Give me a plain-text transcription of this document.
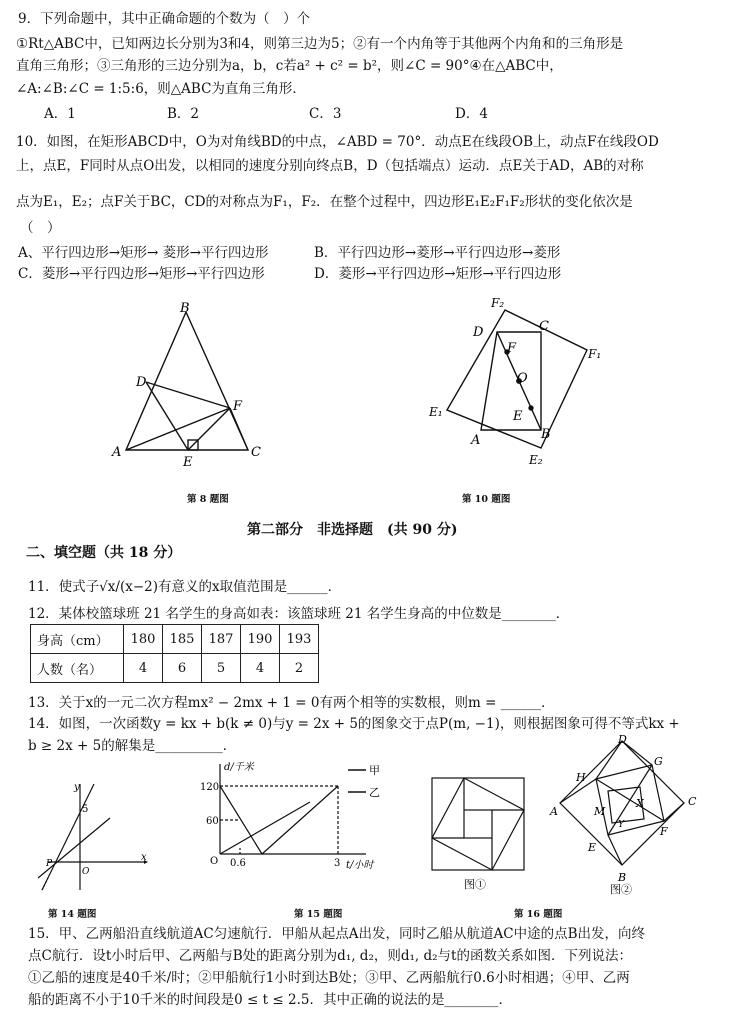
9．下列命题中，其中正确命题的个数为（　）个
①Rt△ABC中，已知两边长分别为3和4，则第三边为5；②有一个内角等于其他两个内角和的三角形是
直角三角形；③三角形的三边分别为a，b，c若a² + c² = b²，则∠C = 90°④在△ABC中，
∠A:∠B:∠C = 1:5:6，则△ABC为直角三角形．
A．1	B．2	C．3	D．4
10．如图，在矩形ABCD中，O为对角线BD的中点，∠ABD = 70°．动点E在线段OB上，动点F在线段OD
上，点E，F同时从点O出发，以相同的速度分别向终点B，D（包括端点）运动．点E关于AD，AB的对称
点为E₁，E₂；点F关于BC，CD的对称点为F₁，F₂．在整个过程中，四边形E₁E₂F₁F₂形状的变化依次是
（　）
A、平行四边形→矩形→ 菱形→平行四边形	B．平行四边形→菱形→平行四边形→菱形
C．菱形→平行四边形→矩形→平行四边形	D．菱形→平行四边形→矩形→平行四边形
B
D
F
A
E
C
第 8 题图
F₂
D	C
F	F₁
O
E₁	E
A	B
E₂
第 10 题图
第二部分　非选择题　(共 90 分)
二、填空题（共 18 分）
11．使式子√x/(x−2)有意义的x取值范围是______．
12．某体校篮球班 21 名学生的身高如表：该篮球班 21 名学生身高的中位数是________．
身高（cm）	180	185	187	190	193
人数（名）	4	6	5	4	2
13．关于x的一元二次方程mx² − 2mx + 1 = 0有两个相等的实数根，则m = ______．
14．如图，一次函数y = kx + b(k ≠ 0)与y = 2x + 5的图象交于点P(m, −1)，则根据图象可得不等式kx +
b ≥ 2x + 5的解集是__________．
y
x
5
P
O
第 14 题图
d/千米
t/小时
120
60
0.6	3
O
甲
乙
第 15 题图
图①
D
H
G
A	M
X
Y
C
E
F
B
图②
第 16 题图
15．甲、乙两船沿直线航道AC匀速航行．甲船从起点A出发，同时乙船从航道AC中途的点B出发，向终
点C航行．设t小时后甲、乙两船与B处的距离分别为d₁, d₂，则d₁, d₂与t的函数关系如图．下列说法：
①乙船的速度是40千米/时；②甲船航行1小时到达B处；③甲、乙两船航行0.6小时相遇；④甲、乙两
船的距离不小于10千米的时间段是0 ≤ t ≤ 2.5．其中正确的说法的是________．
